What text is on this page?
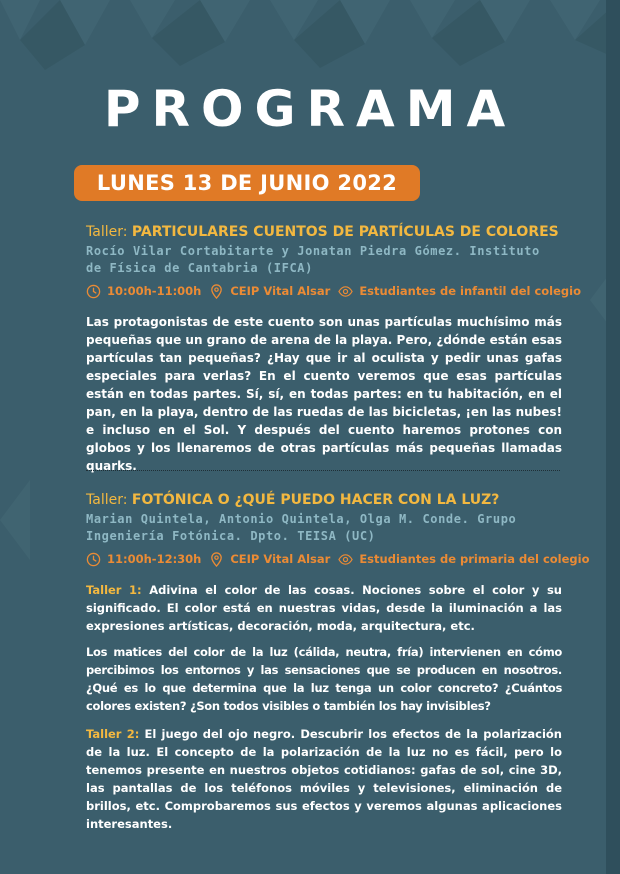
PROGRAMA
LUNES 13 DE JUNIO 2022
Taller: PARTICULARES CUENTOS DE PARTÍCULAS DE COLORES
Rocío Vilar Cortabitarte y Jonatan Piedra Gómez. Instituto de Física de Cantabria (IFCA)
10:00h-11:00h	CEIP Vital Alsar	Estudiantes de infantil del colegio
Las protagonistas de este cuento son unas partículas muchísimo más pequeñas que un grano de arena de la playa. Pero, ¿dónde están esas partículas tan pequeñas? ¿Hay que ir al oculista y pedir unas gafas especiales para verlas? En el cuento veremos que esas partículas están en todas partes. Sí, sí, en todas partes: en tu habitación, en el pan, en la playa, dentro de las ruedas de las bicicletas, ¡en las nubes! e incluso en el Sol. Y después del cuento haremos protones con globos y los llenaremos de otras partículas más pequeñas llamadas quarks.
Taller: FOTÓNICA O ¿QUÉ PUEDO HACER CON LA LUZ?
Marian Quintela, Antonio Quintela, Olga M. Conde. Grupo Ingeniería Fotónica. Dpto. TEISA (UC)
11:00h-12:30h	CEIP Vital Alsar	Estudiantes de primaria del colegio
Taller 1: Adivina el color de las cosas. Nociones sobre el color y su significado. El color está en nuestras vidas, desde la iluminación a las expresiones artísticas, decoración, moda, arquitectura, etc.
Los matices del color de la luz (cálida, neutra, fría) intervienen en cómo percibimos los entornos y las sensaciones que se producen en nosotros. ¿Qué es lo que determina que la luz tenga un color concreto? ¿Cuántos colores existen? ¿Son todos visibles o también los hay invisibles?
Taller 2: El juego del ojo negro. Descubrir los efectos de la polarización de la luz. El concepto de la polarización de la luz no es fácil, pero lo tenemos presente en nuestros objetos cotidianos: gafas de sol, cine 3D, las pantallas de los teléfonos móviles y televisiones, eliminación de brillos, etc. Comprobaremos sus efectos y veremos algunas aplicaciones interesantes.
